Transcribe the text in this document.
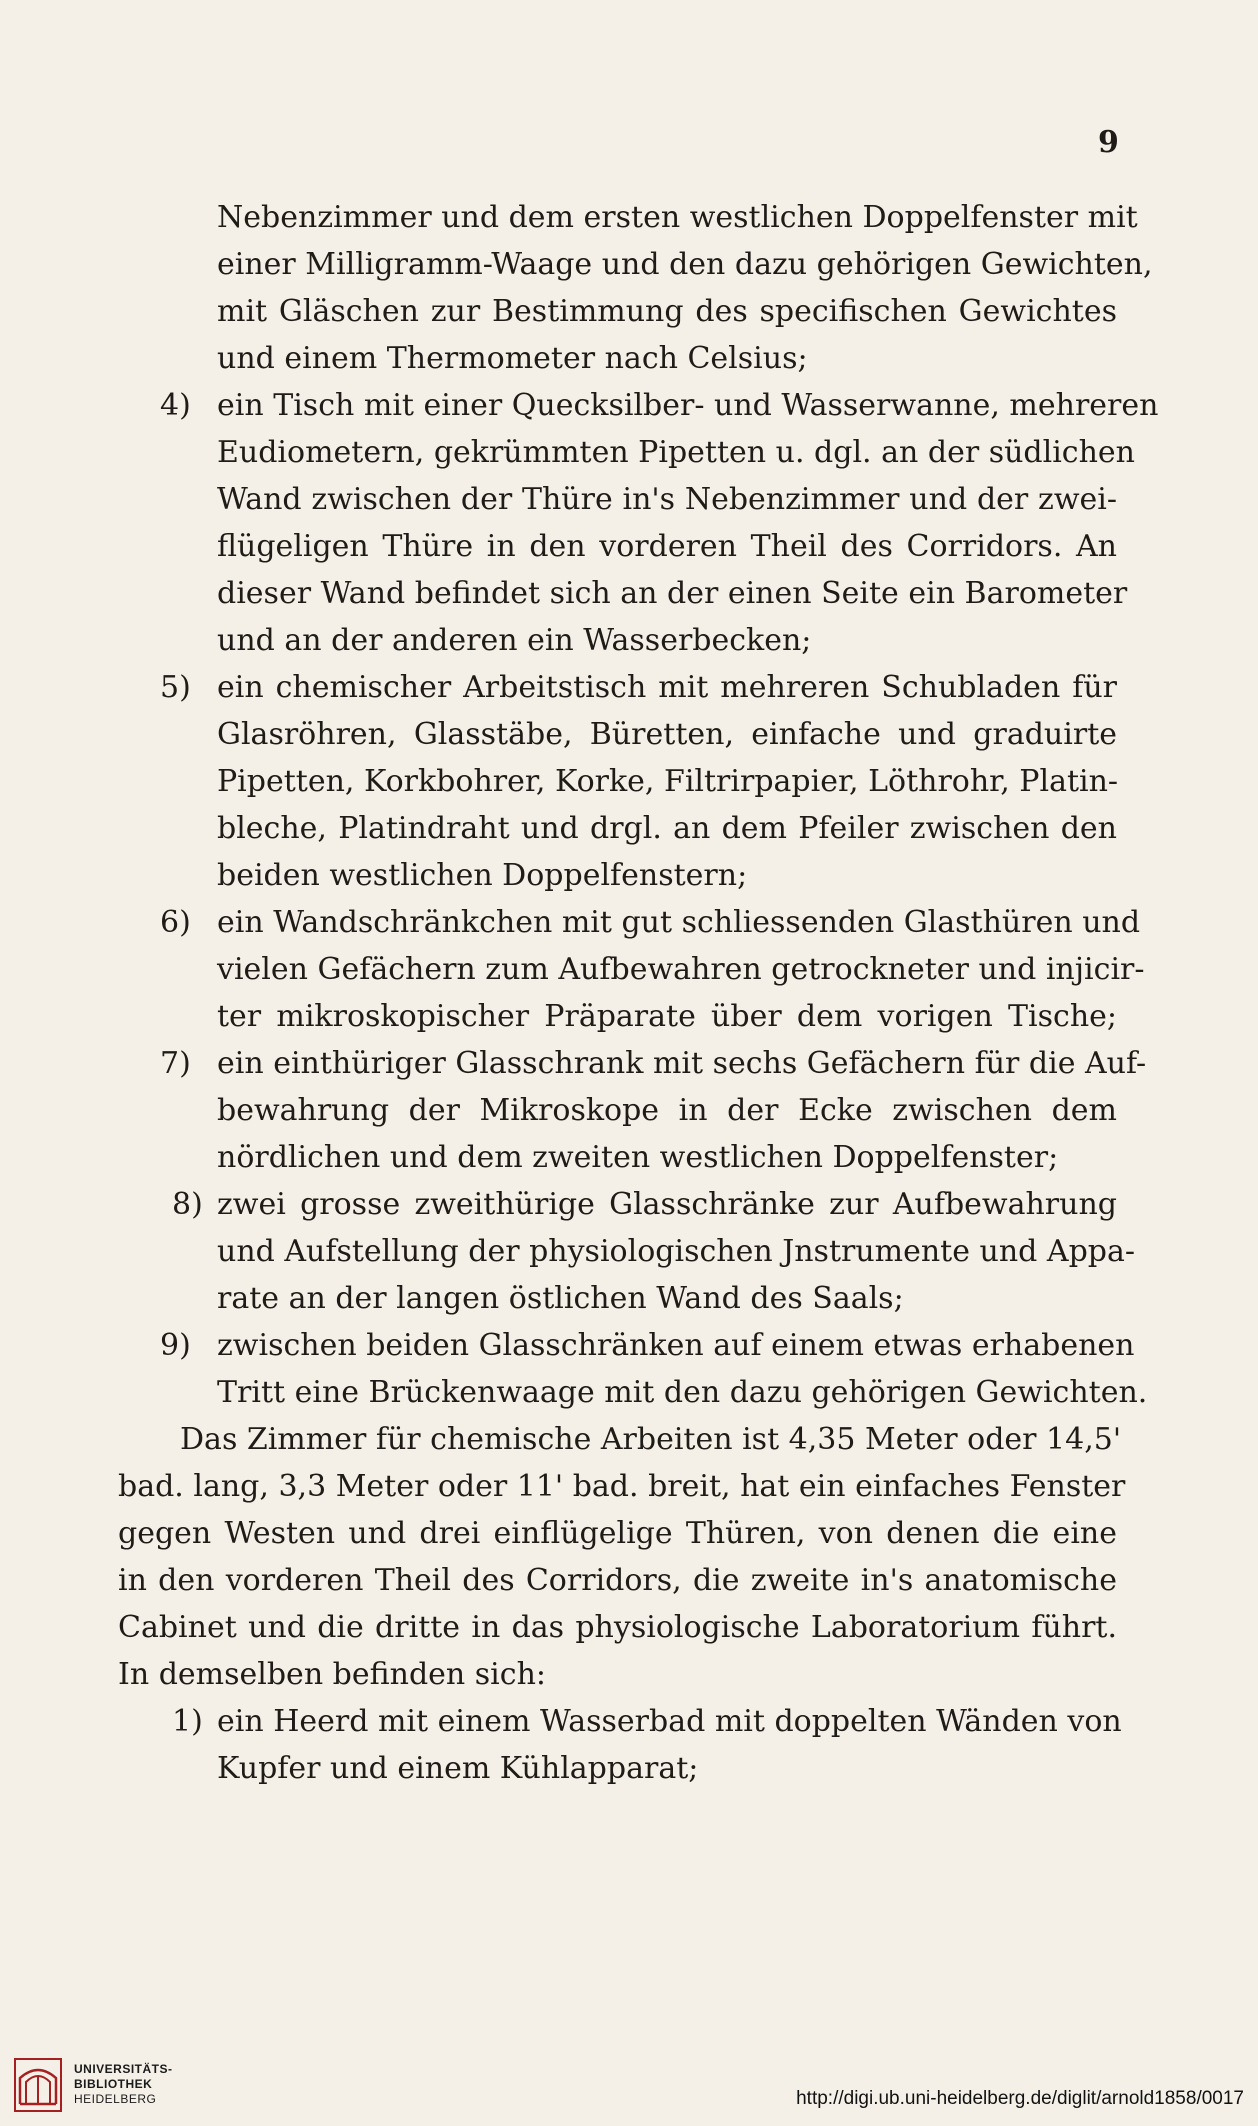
9
Nebenzimmer und dem ersten westlichen Doppelfenster mit
einer Milligramm-Waage und den dazu gehörigen Gewichten,
mit Gläschen zur Bestimmung des specifischen Gewichtes
und einem Thermometer nach Celsius;
4) ein Tisch mit einer Quecksilber- und Wasserwanne, mehreren
Eudiometern, gekrümmten Pipetten u. dgl. an der südlichen
Wand zwischen der Thüre in's Nebenzimmer und der zwei-
flügeligen Thüre in den vorderen Theil des Corridors. An
dieser Wand befindet sich an der einen Seite ein Barometer
und an der anderen ein Wasserbecken;
5) ein chemischer Arbeitstisch mit mehreren Schubladen für
Glasröhren, Glasstäbe, Büretten, einfache und graduirte
Pipetten, Korkbohrer, Korke, Filtrirpapier, Löthrohr, Platin-
bleche, Platindraht und drgl. an dem Pfeiler zwischen den
beiden westlichen Doppelfenstern;
6) ein Wandschränkchen mit gut schliessenden Glasthüren und
vielen Gefächern zum Aufbewahren getrockneter und injicir-
ter mikroskopischer Präparate über dem vorigen Tische;
7) ein einthüriger Glasschrank mit sechs Gefächern für die Auf-
bewahrung der Mikroskope in der Ecke zwischen dem
nördlichen und dem zweiten westlichen Doppelfenster;
8) zwei grosse zweithürige Glasschränke zur Aufbewahrung
und Aufstellung der physiologischen Jnstrumente und Appa-
rate an der langen östlichen Wand des Saals;
9) zwischen beiden Glasschränken auf einem etwas erhabenen
Tritt eine Brückenwaage mit den dazu gehörigen Gewichten.
Das Zimmer für chemische Arbeiten ist 4,35 Meter oder 14,5'
bad. lang, 3,3 Meter oder 11' bad. breit, hat ein einfaches Fenster
gegen Westen und drei einflügelige Thüren, von denen die eine
in den vorderen Theil des Corridors, die zweite in's anatomische
Cabinet und die dritte in das physiologische Laboratorium führt.
In demselben befinden sich:
1) ein Heerd mit einem Wasserbad mit doppelten Wänden von
Kupfer und einem Kühlapparat;
UNIVERSITÄTS-
BIBLIOTHEK
HEIDELBERG	http://digi.ub.uni-heidelberg.de/diglit/arnold1858/0017
